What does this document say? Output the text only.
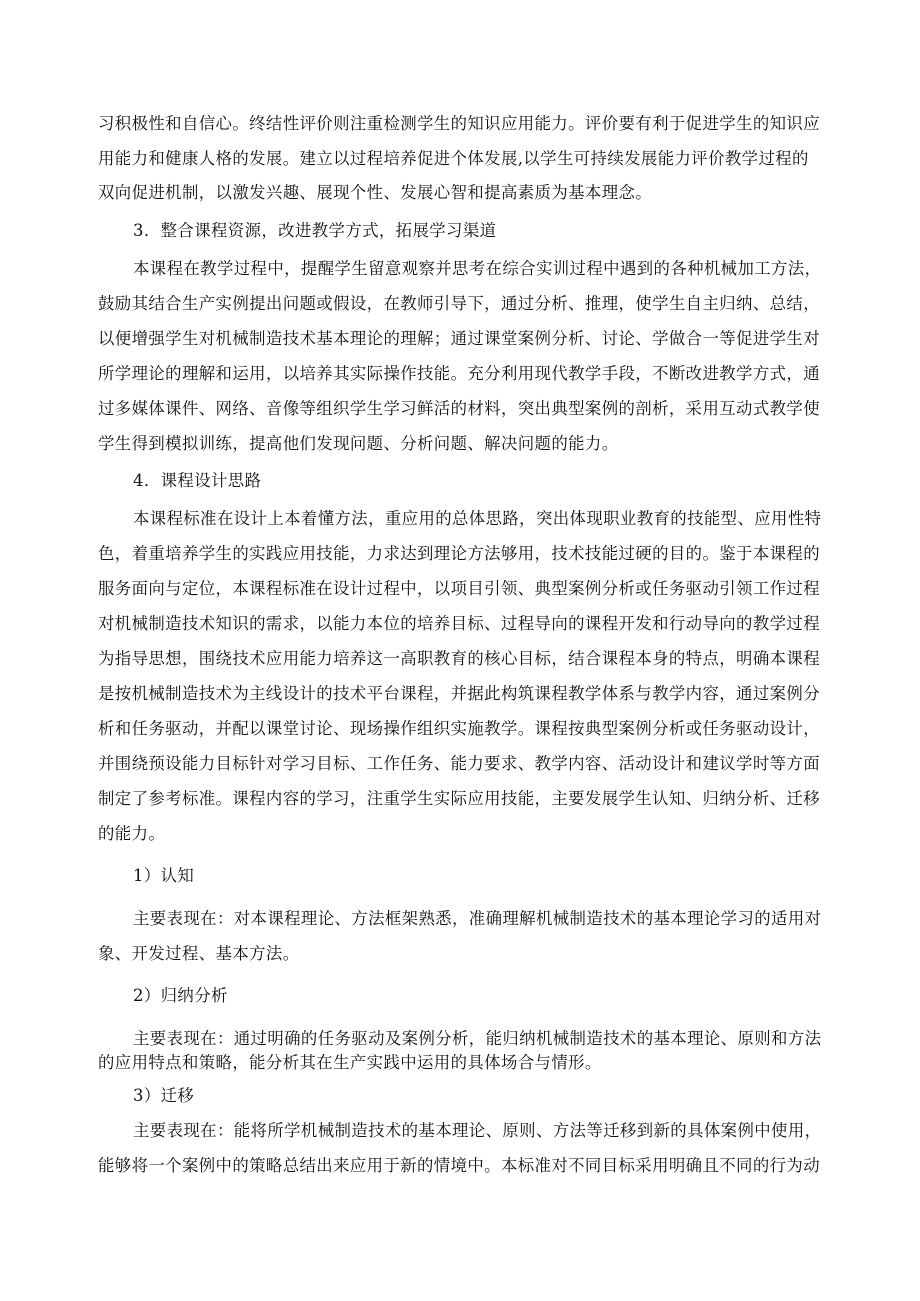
习积极性和自信心。终结性评价则注重检测学生的知识应用能力。评价要有利于促进学生的知识应
用能力和健康人格的发展。建立以过程培养促进个体发展,以学生可持续发展能力评价教学过程的
双向促进机制，以激发兴趣、展现个性、发展心智和提高素质为基本理念。
3．整合课程资源，改进教学方式，拓展学习渠道
本课程在教学过程中，提醒学生留意观察并思考在综合实训过程中遇到的各种机械加工方法，
鼓励其结合生产实例提出问题或假设，在教师引导下，通过分析、推理，使学生自主归纳、总结，
以便增强学生对机械制造技术基本理论的理解；通过课堂案例分析、讨论、学做合一等促进学生对
所学理论的理解和运用，以培养其实际操作技能。充分利用现代教学手段，不断改进教学方式，通
过多媒体课件、网络、音像等组织学生学习鲜活的材料，突出典型案例的剖析，采用互动式教学使
学生得到模拟训练，提高他们发现问题、分析问题、解决问题的能力。
4．课程设计思路
本课程标准在设计上本着懂方法，重应用的总体思路，突出体现职业教育的技能型、应用性特
色，着重培养学生的实践应用技能，力求达到理论方法够用，技术技能过硬的目的。鉴于本课程的
服务面向与定位，本课程标准在设计过程中，以项目引领、典型案例分析或任务驱动引领工作过程
对机械制造技术知识的需求，以能力本位的培养目标、过程导向的课程开发和行动导向的教学过程
为指导思想，围绕技术应用能力培养这一高职教育的核心目标，结合课程本身的特点，明确本课程
是按机械制造技术为主线设计的技术平台课程，并据此构筑课程教学体系与教学内容，通过案例分
析和任务驱动，并配以课堂讨论、现场操作组织实施教学。课程按典型案例分析或任务驱动设计，
并围绕预设能力目标针对学习目标、工作任务、能力要求、教学内容、活动设计和建议学时等方面
制定了参考标准。课程内容的学习，注重学生实际应用技能，主要发展学生认知、归纳分析、迁移
的能力。
1）认知
主要表现在：对本课程理论、方法框架熟悉，准确理解机械制造技术的基本理论学习的适用对
象、开发过程、基本方法。
2）归纳分析
主要表现在：通过明确的任务驱动及案例分析，能归纳机械制造技术的基本理论、原则和方法
的应用特点和策略，能分析其在生产实践中运用的具体场合与情形。
3）迁移
主要表现在：能将所学机械制造技术的基本理论、原则、方法等迁移到新的具体案例中使用，
能够将一个案例中的策略总结出来应用于新的情境中。本标准对不同目标采用明确且不同的行为动
